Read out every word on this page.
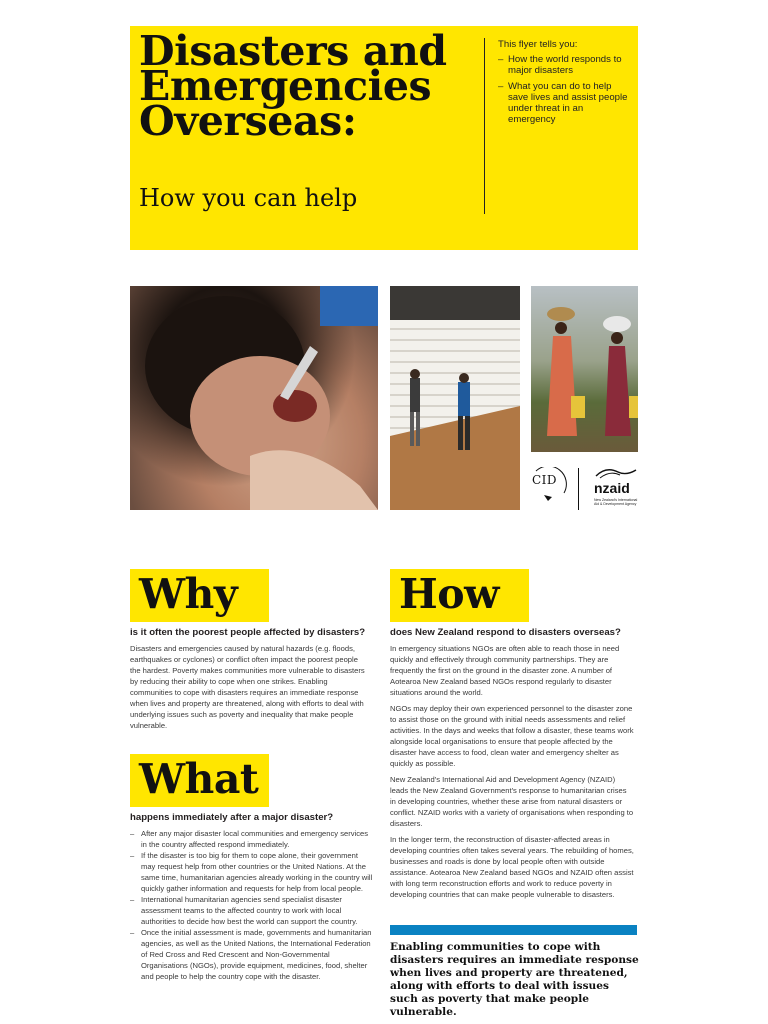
Disasters and
Emergencies
Overseas:
How you can help
This flyer tells you:
– How the world responds to major disasters
– What you can do to help save lives and assist people under threat in an emergency
CID	nzaid
New Zealand's International Aid & Development Agency
Why
is it often the poorest people affected by disasters?

Disasters and emergencies caused by natural hazards (e.g. floods, earthquakes or cyclones) or conflict often impact the poorest people the hardest. Poverty makes communities more vulnerable to disasters by reducing their ability to cope when one strikes. Enabling communities to cope with disasters requires an immediate response when lives and property are threatened, along with efforts to deal with underlying issues such as poverty and inequality that make people vulnerable.

What
happens immediately after a major disaster?
– After any major disaster local communities and emergency services in the country affected respond immediately.
– If the disaster is too big for them to cope alone, their government may request help from other countries or the United Nations. At the same time, humanitarian agencies already working in the country will quickly gather information and requests for help from local people.
– International humanitarian agencies send specialist disaster assessment teams to the affected country to work with local authorities to decide how best the world can support the country.
– Once the initial assessment is made, governments and humanitarian agencies, as well as the United Nations, the International Federation of Red Cross and Red Crescent and Non-Governmental Organisations (NGOs), provide equipment, medicines, food, shelter and people to help the country cope with the disaster.
How
does New Zealand respond to disasters overseas?

In emergency situations NGOs are often able to reach those in need quickly and effectively through community partnerships. They are frequently the first on the ground in the disaster zone. A number of Aotearoa New Zealand based NGOs respond regularly to disaster situations around the world.

NGOs may deploy their own experienced personnel to the disaster zone to assist those on the ground with initial needs assessments and relief activities. In the days and weeks that follow a disaster, these teams work alongside local organisations to ensure that people affected by the disaster have access to food, clean water and emergency shelter as quickly as possible.

New Zealand's International Aid and Development Agency (NZAID) leads the New Zealand Government's response to humanitarian crises in developing countries, whether these arise from natural disasters or conflict. NZAID works with a variety of organisations when responding to disasters.

In the longer term, the reconstruction of disaster-affected areas in developing countries often takes several years. The rebuilding of homes, businesses and roads is done by local people often with outside assistance. Aotearoa New Zealand based NGOs and NZAID often assist with long term reconstruction efforts and work to reduce poverty in developing countries that can make people vulnerable to disasters.

Enabling communities to cope with disasters requires an immediate response when lives and property are threatened, along with efforts to deal with issues such as poverty that make people vulnerable.
